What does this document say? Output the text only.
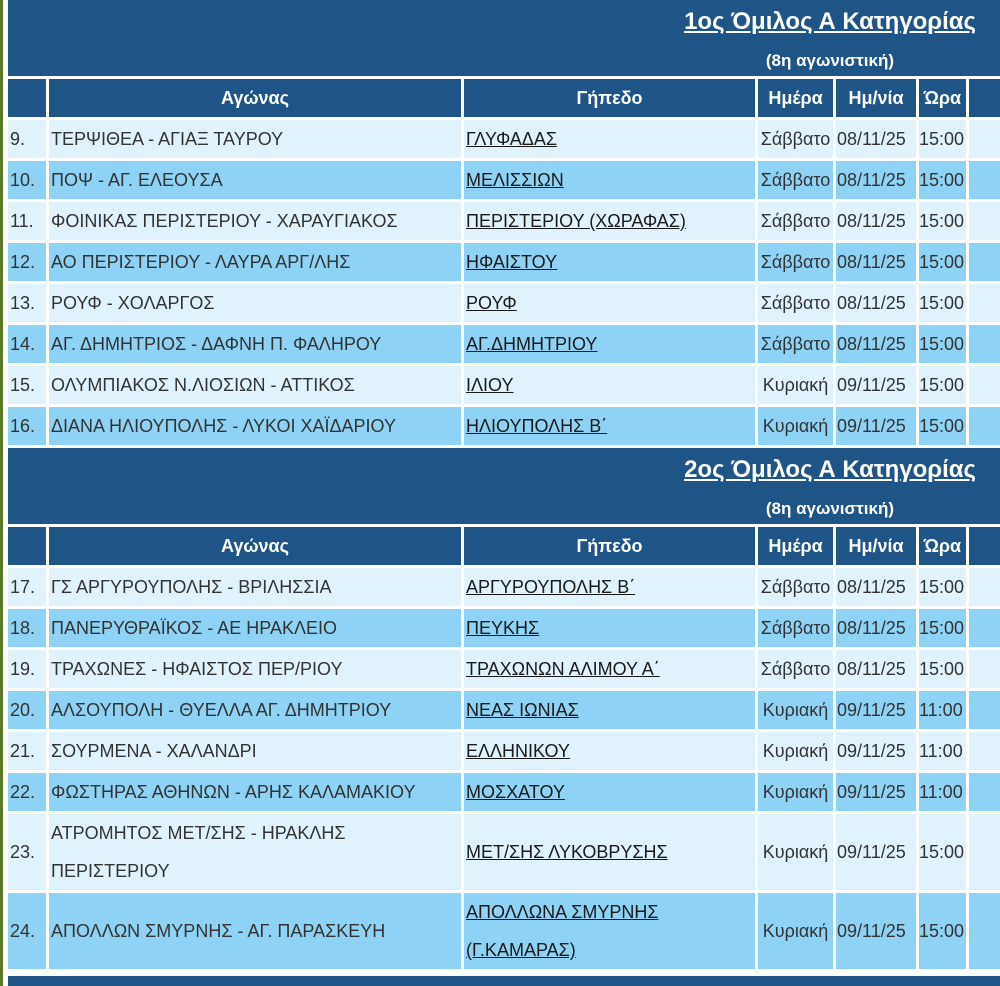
1ος Όμιλος Α Κατηγορίας
(8η αγωνιστική)						

	Αγώνας	Γήπεδο	Ημέρα	Ημ/νία	Ώρα	
9.	ΤΕΡΨΙΘΕΑ - ΑΓΙΑΞ ΤΑΥΡΟΥ	ΓΛΥΦΑΔΑΣ	Σάββατο	08/11/25	15:00	
10.	ΠΟΨ - ΑΓ. ΕΛΕΟΥΣΑ	ΜΕΛΙΣΣΙΩΝ	Σάββατο	08/11/25	15:00	
11.	ΦΟΙΝΙΚΑΣ ΠΕΡΙΣΤΕΡΙΟΥ - ΧΑΡΑΥΓΙΑΚΟΣ	ΠΕΡΙΣΤΕΡΙΟΥ (ΧΩΡΑΦΑΣ)	Σάββατο	08/11/25	15:00	
12.	ΑΟ ΠΕΡΙΣΤΕΡΙΟΥ - ΛΑΥΡΑ ΑΡΓ/ΛΗΣ	ΗΦΑΙΣΤΟΥ	Σάββατο	08/11/25	15:00	
13.	ΡΟΥΦ - ΧΟΛΑΡΓΟΣ	ΡΟΥΦ	Σάββατο	08/11/25	15:00	
14.	ΑΓ. ΔΗΜΗΤΡΙΟΣ - ΔΑΦΝΗ Π. ΦΑΛΗΡΟΥ	ΑΓ.ΔΗΜΗΤΡΙΟΥ	Σάββατο	08/11/25	15:00	
15.	ΟΛΥΜΠΙΑΚΟΣ Ν.ΛΙΟΣΙΩΝ - ΑΤΤΙΚΟΣ	ΙΛΙΟΥ	Κυριακή	09/11/25	15:00	
16.	ΔΙΑΝΑ ΗΛΙΟΥΠΟΛΗΣ - ΛΥΚΟΙ ΧΑΪΔΑΡΙΟΥ	ΗΛΙΟΥΠΟΛΗΣ Β΄	Κυριακή	09/11/25	15:00	

2ος Όμιλος Α Κατηγορίας
(8η αγωνιστική)						

	Αγώνας	Γήπεδο	Ημέρα	Ημ/νία	Ώρα	
17.	ΓΣ ΑΡΓΥΡΟΥΠΟΛΗΣ - ΒΡΙΛΗΣΣΙΑ	ΑΡΓΥΡΟΥΠΟΛΗΣ Β΄	Σάββατο	08/11/25	15:00	
18.	ΠΑΝΕΡΥΘΡΑΪΚΟΣ - ΑΕ ΗΡΑΚΛΕΙΟ	ΠΕΥΚΗΣ	Σάββατο	08/11/25	15:00	
19.	ΤΡΑΧΩΝΕΣ - ΗΦΑΙΣΤΟΣ ΠΕΡ/ΡΙΟΥ	ΤΡΑΧΩΝΩΝ ΑΛΙΜΟΥ Α΄	Σάββατο	08/11/25	15:00	
20.	ΑΛΣΟΥΠΟΛΗ - ΘΥΕΛΛΑ ΑΓ. ΔΗΜΗΤΡΙΟΥ	ΝΕΑΣ ΙΩΝΙΑΣ	Κυριακή	09/11/25	11:00	
21.	ΣΟΥΡΜΕΝΑ - ΧΑΛΑΝΔΡΙ	ΕΛΛΗΝΙΚΟΥ	Κυριακή	09/11/25	11:00	
22.	ΦΩΣΤΗΡΑΣ ΑΘΗΝΩΝ - ΑΡΗΣ ΚΑΛΑΜΑΚΙΟΥ	ΜΟΣΧΑΤΟΥ	Κυριακή	09/11/25	11:00	
23.	ΑΤΡΟΜΗΤΟΣ ΜΕΤ/ΣΗΣ - ΗΡΑΚΛΗΣ ΠΕΡΙΣΤΕΡΙΟΥ	ΜΕΤ/ΣΗΣ ΛΥΚΟΒΡΥΣΗΣ	Κυριακή	09/11/25	15:00	
24.	ΑΠΟΛΛΩΝ ΣΜΥΡΝΗΣ - ΑΓ. ΠΑΡΑΣΚΕΥΗ	ΑΠΟΛΛΩΝΑ ΣΜΥΡΝΗΣ (Γ.ΚΑΜΑΡΑΣ)	Κυριακή	09/11/25	15:00	
